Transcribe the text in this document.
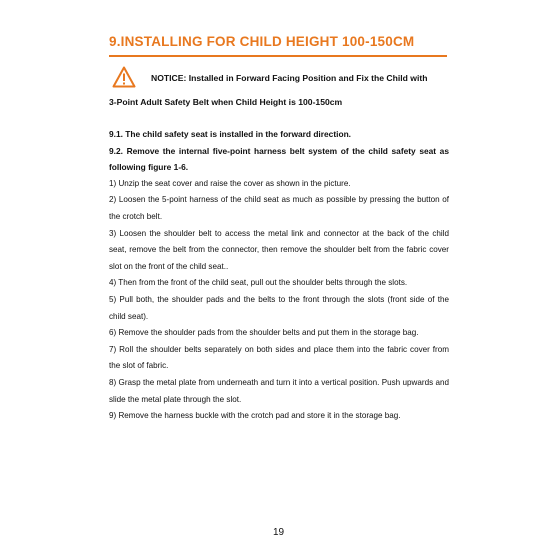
9.INSTALLING FOR CHILD HEIGHT 100-150CM
NOTICE: Installed in Forward Facing Position and Fix the Child with
3-Point Adult Safety Belt when Child Height is 100-150cm

9.1. The child safety seat is installed in the forward direction.

9.2. Remove the internal five-point harness belt system of the child safety seat as following figure 1-6.

1) Unzip the seat cover and raise the cover as shown in the picture.

2) Loosen the 5-point harness of the child seat as much as possible by pressing the button of the crotch belt.

3) Loosen the shoulder belt to access the metal link and connector at the back of the child seat, remove the belt from the connector, then remove the shoulder belt from the fabric cover slot on the front of the child seat..

4) Then from the front of the child seat, pull out the shoulder belts through the slots.

5) Pull both, the shoulder pads and the belts to the front through the slots (front side of the child seat).

6) Remove the shoulder pads from the shoulder belts and put them in the storage bag.

7) Roll the shoulder belts separately on both sides and place them into the fabric cover from the slot of fabric.

8) Grasp the metal plate from underneath and turn it into a vertical position. Push upwards and slide the metal plate through the slot.

9) Remove the harness buckle with the crotch pad and store it in the storage bag.

19
